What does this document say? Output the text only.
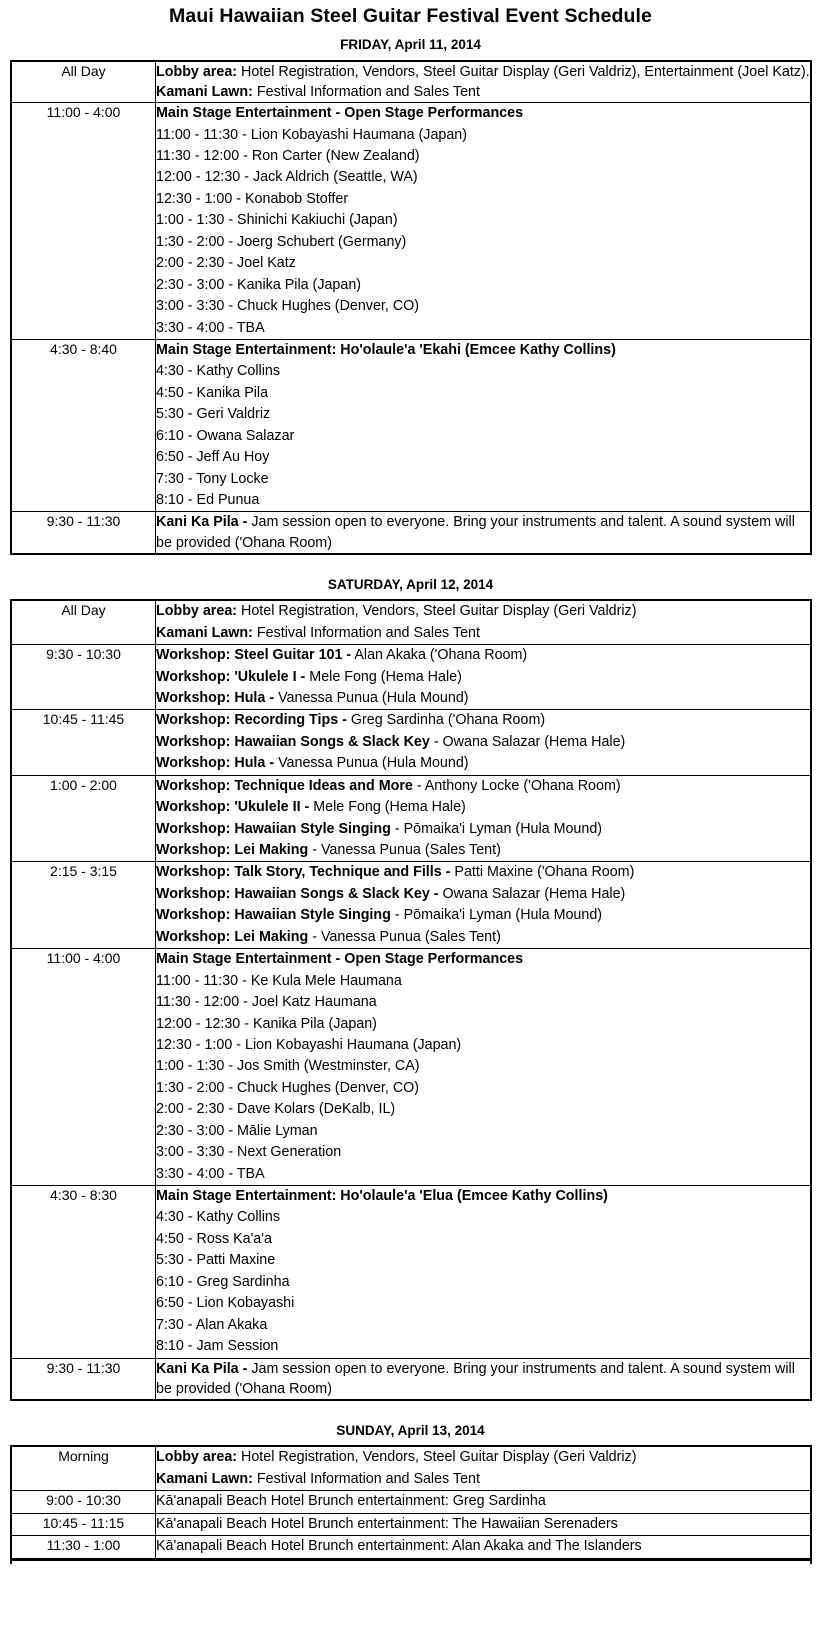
Maui Hawaiian Steel Guitar Festival Event Schedule
FRIDAY, April 11, 2014
All Day	Lobby area: Hotel Registration, Vendors, Steel Guitar Display (Geri Valdriz), Entertainment (Joel Katz). Kamani Lawn: Festival Information and Sales Tent

11:00 - 4:00	Main Stage Entertainment - Open Stage Performances
11:00 - 11:30 - Lion Kobayashi Haumana (Japan)
11:30 - 12:00 - Ron Carter (New Zealand)
12:00 - 12:30 - Jack Aldrich (Seattle, WA)
12:30 - 1:00 - Konabob Stoffer
1:00 - 1:30 - Shinichi Kakiuchi (Japan)
1:30 - 2:00 - Joerg Schubert (Germany)
2:00 - 2:30 - Joel Katz
2:30 - 3:00 - Kanika Pila (Japan)
3:00 - 3:30 - Chuck Hughes (Denver, CO)
3:30 - 4:00 - TBA

4:30 - 8:40	Main Stage Entertainment: Ho'olaule'a 'Ekahi (Emcee Kathy Collins)
4:30 - Kathy Collins
4:50 - Kanika Pila
5:30 - Geri Valdriz
6:10 - Owana Salazar
6:50 - Jeff Au Hoy
7:30 - Tony Locke
8:10 - Ed Punua

9:30 - 11:30	Kani Ka Pila - Jam session open to everyone. Bring your instruments and talent. A sound system will be provided ('Ohana Room)
SATURDAY, April 12, 2014
All Day	Lobby area: Hotel Registration, Vendors, Steel Guitar Display (Geri Valdriz)
Kamani Lawn: Festival Information and Sales Tent

9:30 - 10:30	Workshop: Steel Guitar 101 - Alan Akaka ('Ohana Room)
Workshop: 'Ukulele I - Mele Fong (Hema Hale)
Workshop: Hula - Vanessa Punua (Hula Mound)

10:45 - 11:45	Workshop: Recording Tips - Greg Sardinha ('Ohana Room)
Workshop: Hawaiian Songs & Slack Key - Owana Salazar (Hema Hale)
Workshop: Hula - Vanessa Punua (Hula Mound)

1:00 - 2:00	Workshop: Technique Ideas and More - Anthony Locke ('Ohana Room)
Workshop: 'Ukulele II - Mele Fong (Hema Hale)
Workshop: Hawaiian Style Singing - Pōmaika'i Lyman (Hula Mound)
Workshop: Lei Making - Vanessa Punua (Sales Tent)

2:15 - 3:15	Workshop: Talk Story, Technique and Fills - Patti Maxine ('Ohana Room)
Workshop: Hawaiian Songs & Slack Key - Owana Salazar (Hema Hale)
Workshop: Hawaiian Style Singing - Pōmaika'i Lyman (Hula Mound)
Workshop: Lei Making - Vanessa Punua (Sales Tent)

11:00 - 4:00	Main Stage Entertainment - Open Stage Performances
11:00 - 11:30 - Ke Kula Mele Haumana
11:30 - 12:00 - Joel Katz Haumana
12:00 - 12:30 - Kanika Pila (Japan)
12:30 - 1:00 - Lion Kobayashi Haumana (Japan)
1:00 - 1:30 - Jos Smith (Westminster, CA)
1:30 - 2:00 - Chuck Hughes (Denver, CO)
2:00 - 2:30 - Dave Kolars (DeKalb, IL)
2:30 - 3:00 - Mālie Lyman
3:00 - 3:30 - Next Generation
3:30 - 4:00 - TBA

4:30 - 8:30	Main Stage Entertainment: Ho'olaule'a 'Elua (Emcee Kathy Collins)
4:30 - Kathy Collins
4:50 - Ross Ka'a'a
5:30 - Patti Maxine
6:10 - Greg Sardinha
6:50 - Lion Kobayashi
7:30 - Alan Akaka
8:10 - Jam Session

9:30 - 11:30	Kani Ka Pila - Jam session open to everyone. Bring your instruments and talent. A sound system will be provided ('Ohana Room)
SUNDAY, April 13, 2014
Morning	Lobby area: Hotel Registration, Vendors, Steel Guitar Display (Geri Valdriz)
Kamani Lawn: Festival Information and Sales Tent

9:00 - 10:30	Kā'anapali Beach Hotel Brunch entertainment: Greg Sardinha

10:45 - 11:15	Kā'anapali Beach Hotel Brunch entertainment: The Hawaiian Serenaders

11:30 - 1:00	Kā'anapali Beach Hotel Brunch entertainment: Alan Akaka and The Islanders
